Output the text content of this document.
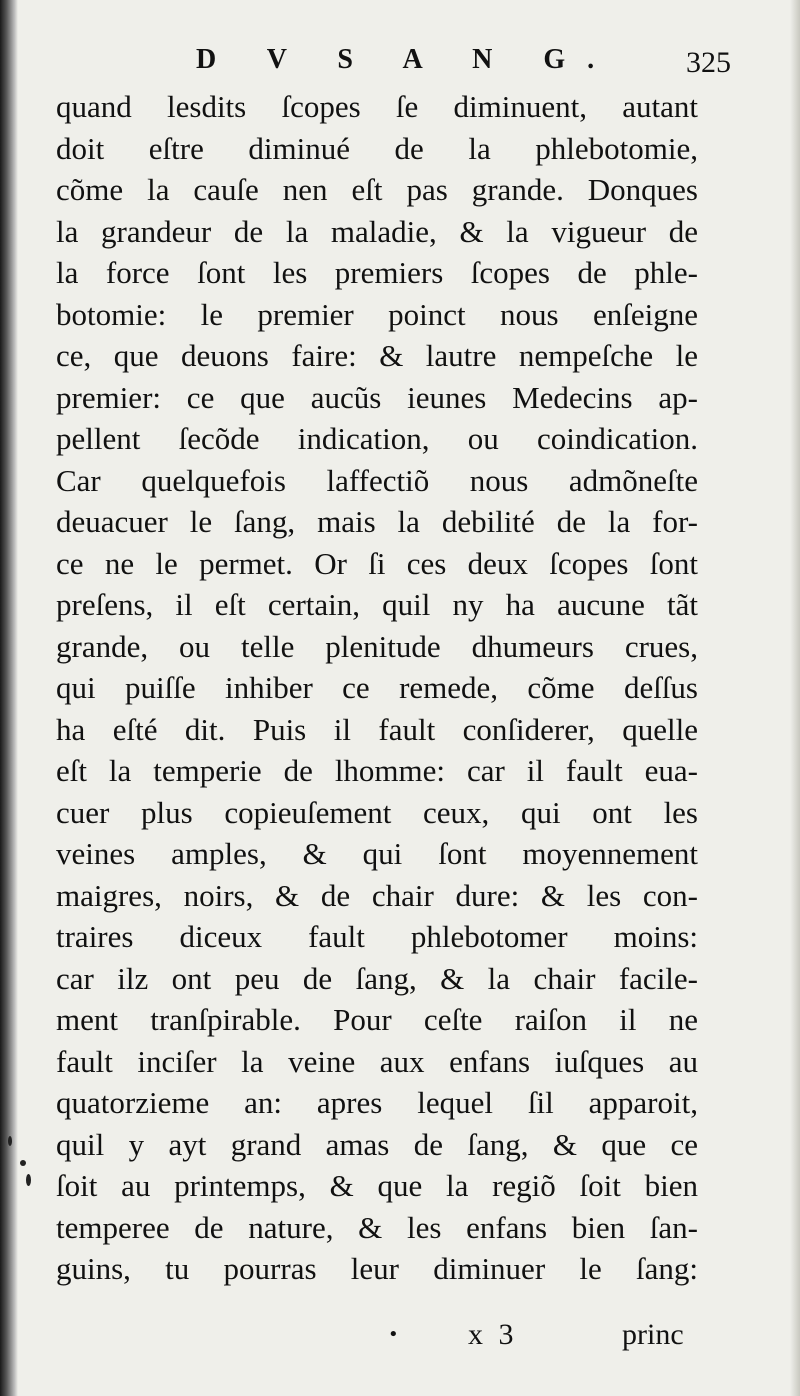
D V S A N G. 325
quand lesdits ſcopes ſe diminuent, autant
doit eſtre diminué de la phlebotomie,
cõme la cauſe nen eſt pas grande. Donques
la grandeur de la maladie, & la vigueur de
la force ſont les premiers ſcopes de phle-
botomie: le premier poinct nous enſeigne
ce, que deuons faire: & lautre nempeſche le
premier: ce que aucũs ieunes Medecins ap-
pellent ſecõde indication, ou coindication.
Car quelquefois laffectiõ nous admõneſte
deuacuer le ſang, mais la debilité de la for-
ce ne le permet. Or ſi ces deux ſcopes ſont
preſens, il eſt certain, quil ny ha aucune tãt
grande, ou telle plenitude dhumeurs crues,
qui puiſſe inhiber ce remede, cõme deſſus
ha eſté dit. Puis il fault conſiderer, quelle
eſt la temperie de lhomme: car il fault eua-
cuer plus copieuſement ceux, qui ont les
veines amples, & qui ſont moyennement
maigres, noirs, & de chair dure: & les con-
traires diceux fault phlebotomer moins:
car ilz ont peu de ſang, & la chair facile-
ment tranſpirable. Pour ceſte raiſon il ne
fault inciſer la veine aux enfans iuſques au
quatorzieme an: apres lequel ſil apparoit,
quil y ayt grand amas de ſang, & que ce
ſoit au printemps, & que la regiõ ſoit bien
temperee de nature, & les enfans bien ſan-
guins, tu pourras leur diminuer le ſang:
• x 3	princ
